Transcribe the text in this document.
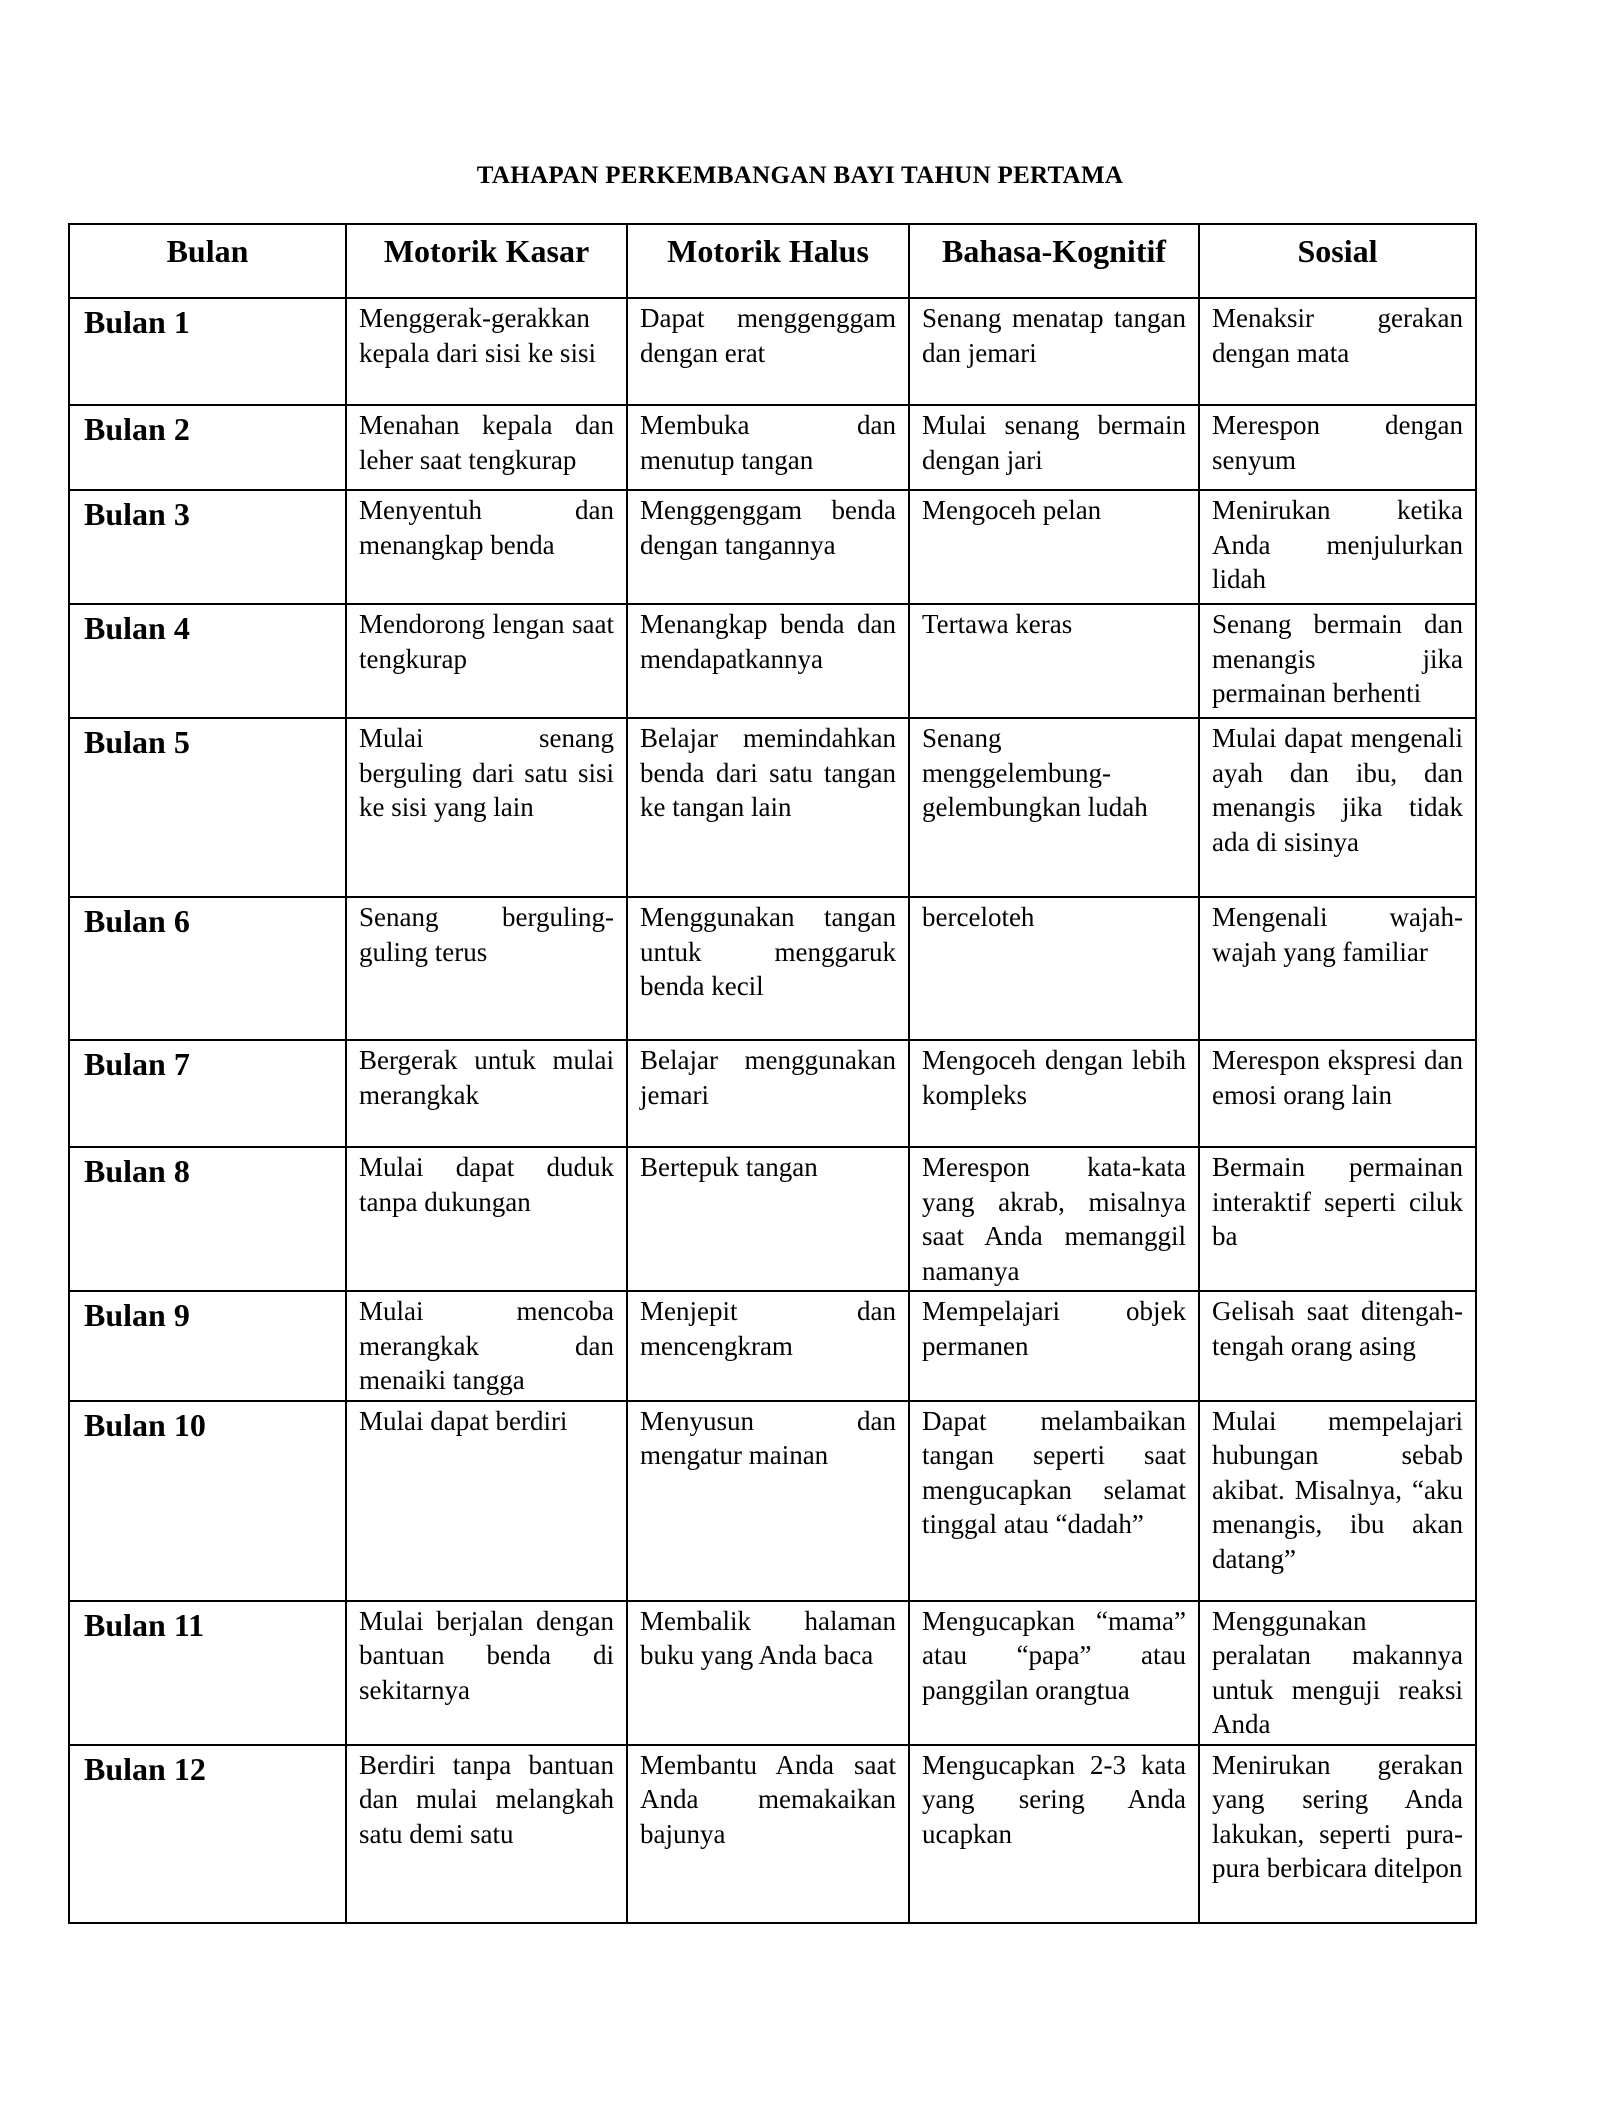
TAHAPAN PERKEMBANGAN BAYI TAHUN PERTAMA
Bulan	Motorik Kasar	Motorik Halus	Bahasa-Kognitif	Sosial
Bulan 1	Menggerak-gerakkan kepala dari sisi ke sisi	Dapat menggenggam dengan erat	Senang menatap tangan dan jemari	Menaksir gerakan dengan mata
Bulan 2	Menahan kepala dan leher saat tengkurap	Membuka dan menutup tangan	Mulai senang bermain dengan jari	Merespon dengan senyum
Bulan 3	Menyentuh dan menangkap benda	Menggenggam benda dengan tangannya	Mengoceh pelan	Menirukan ketika Anda menjulurkan lidah
Bulan 4	Mendorong lengan saat tengkurap	Menangkap benda dan mendapatkannya	Tertawa keras	Senang bermain dan menangis jika permainan berhenti
Bulan 5	Mulai senang berguling dari satu sisi ke sisi yang lain	Belajar memindahkan benda dari satu tangan ke tangan lain	Senang menggelembung-gelembungkan ludah	Mulai dapat mengenali ayah dan ibu, dan menangis jika tidak ada di sisinya
Bulan 6	Senang berguling-guling terus	Menggunakan tangan untuk menggaruk benda kecil	berceloteh	Mengenali wajah-wajah yang familiar
Bulan 7	Bergerak untuk mulai merangkak	Belajar menggunakan jemari	Mengoceh dengan lebih kompleks	Merespon ekspresi dan emosi orang lain
Bulan 8	Mulai dapat duduk tanpa dukungan	Bertepuk tangan	Merespon kata-kata yang akrab, misalnya saat Anda memanggil namanya	Bermain permainan interaktif seperti ciluk ba
Bulan 9	Mulai mencoba merangkak dan menaiki tangga	Menjepit dan mencengkram	Mempelajari objek permanen	Gelisah saat ditengah-tengah orang asing
Bulan 10	Mulai dapat berdiri	Menyusun dan mengatur mainan	Dapat melambaikan tangan seperti saat mengucapkan selamat tinggal atau “dadah”	Mulai mempelajari hubungan sebab akibat. Misalnya, “aku menangis, ibu akan datang”
Bulan 11	Mulai berjalan dengan bantuan benda di sekitarnya	Membalik halaman buku yang Anda baca	Mengucapkan “mama” atau “papa” atau panggilan orangtua	Menggunakan peralatan makannya untuk menguji reaksi Anda
Bulan 12	Berdiri tanpa bantuan dan mulai melangkah satu demi satu	Membantu Anda saat Anda memakaikan bajunya	Mengucapkan 2-3 kata yang sering Anda ucapkan	Menirukan gerakan yang sering Anda lakukan, seperti pura-pura berbicara ditelpon
